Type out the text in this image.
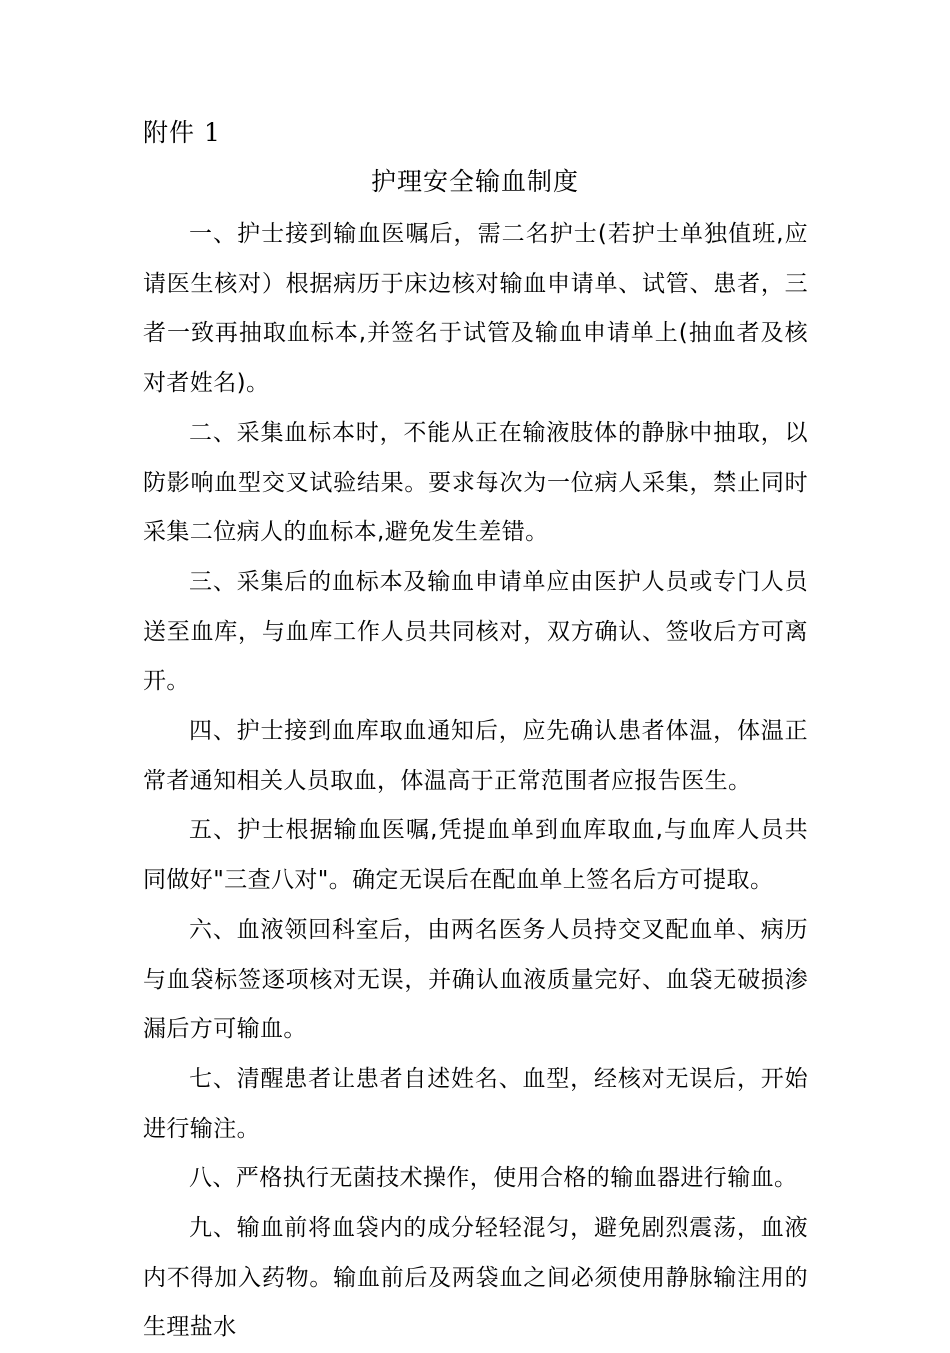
附件 1
护理安全输血制度

一、护士接到输血医嘱后，需二名护士(若护士单独值班,应请医生核对）根据病历于床边核对输血申请单、试管、患者，三者一致再抽取血标本,并签名于试管及输血申请单上(抽血者及核对者姓名)。

二、采集血标本时，不能从正在输液肢体的静脉中抽取，以防影响血型交叉试验结果。要求每次为一位病人采集，禁止同时采集二位病人的血标本,避免发生差错。

三、采集后的血标本及输血申请单应由医护人员或专门人员送至血库，与血库工作人员共同核对，双方确认、签收后方可离开。

四、护士接到血库取血通知后，应先确认患者体温，体温正常者通知相关人员取血，体温高于正常范围者应报告医生。

五、护士根据输血医嘱,凭提血单到血库取血,与血库人员共同做好"三查八对"。确定无误后在配血单上签名后方可提取。

六、血液领回科室后，由两名医务人员持交叉配血单、病历与血袋标签逐项核对无误，并确认血液质量完好、血袋无破损渗漏后方可输血。

七、清醒患者让患者自述姓名、血型，经核对无误后，开始进行输注。

八、严格执行无菌技术操作，使用合格的输血器进行输血。

九、输血前将血袋内的成分轻轻混匀，避免剧烈震荡，血液内不得加入药物。输血前后及两袋血之间必须使用静脉输注用的生理盐水
